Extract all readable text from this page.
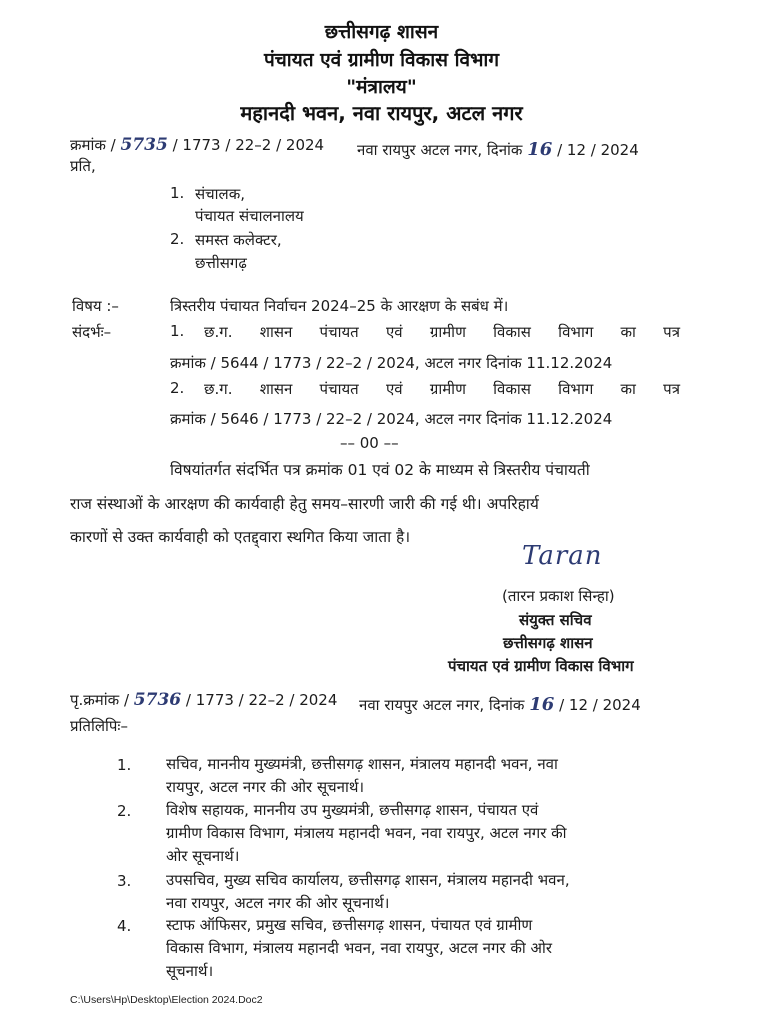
छत्तीसगढ़ शासन
पंचायत एवं ग्रामीण विकास विभाग
"मंत्रालय"
महानदी भवन, नवा रायपुर, अटल नगर
क्रमांक / 5735 / 1773 / 22–2 / 2024 नवा रायपुर अटल नगर, दिनांक 16 / 12 / 2024
प्रति,
1. संचालक,
पंचायत संचालनालय
2. समस्त कलेक्टर,
छत्तीसगढ़
विषय :–	त्रिस्तरीय पंचायत निर्वाचन 2024–25 के आरक्षण के सबंध में।
संदर्भः–	1. छ.ग. शासन पंचायत एवं ग्रामीण विकास विभाग का पत्र
क्रमांक / 5644 / 1773 / 22–2 / 2024, अटल नगर दिनांक 11.12.2024
2. छ.ग. शासन पंचायत एवं ग्रामीण विकास विभाग का पत्र
क्रमांक / 5646 / 1773 / 22–2 / 2024, अटल नगर दिनांक 11.12.2024
–– 00 ––
विषयांतर्गत संदर्भित पत्र क्रमांक 01 एवं 02 के माध्यम से त्रिस्तरीय पंचायती
राज संस्थाओं के आरक्षण की कार्यवाही हेतु समय–सारणी जारी की गई थी। अपरिहार्य
कारणों से उक्त कार्यवाही को एतद्द्वारा स्थगित किया जाता है।
Taran
(तारन प्रकाश सिन्हा)
संयुक्त सचिव
छत्तीसगढ़ शासन
पंचायत एवं ग्रामीण विकास विभाग
पृ.क्रमांक / 5736 / 1773 / 22–2 / 2024 नवा रायपुर अटल नगर, दिनांक 16 / 12 / 2024
प्रतिलिपिः–
1. सचिव, माननीय मुख्यमंत्री, छत्तीसगढ़ शासन, मंत्रालय महानदी भवन, नवा
रायपुर, अटल नगर की ओर सूचनार्थ।
2. विशेष सहायक, माननीय उप मुख्यमंत्री, छत्तीसगढ़ शासन, पंचायत एवं
ग्रामीण विकास विभाग, मंत्रालय महानदी भवन, नवा रायपुर, अटल नगर की
ओर सूचनार्थ।
3. उपसचिव, मुख्य सचिव कार्यालय, छत्तीसगढ़ शासन, मंत्रालय महानदी भवन,
नवा रायपुर, अटल नगर की ओर सूचनार्थ।
4. स्टाफ ऑफिसर, प्रमुख सचिव, छत्तीसगढ़ शासन, पंचायत एवं ग्रामीण
विकास विभाग, मंत्रालय महानदी भवन, नवा रायपुर, अटल नगर की ओर
सूचनार्थ।
C:\Users\Hp\Desktop\Election 2024.Doc2
